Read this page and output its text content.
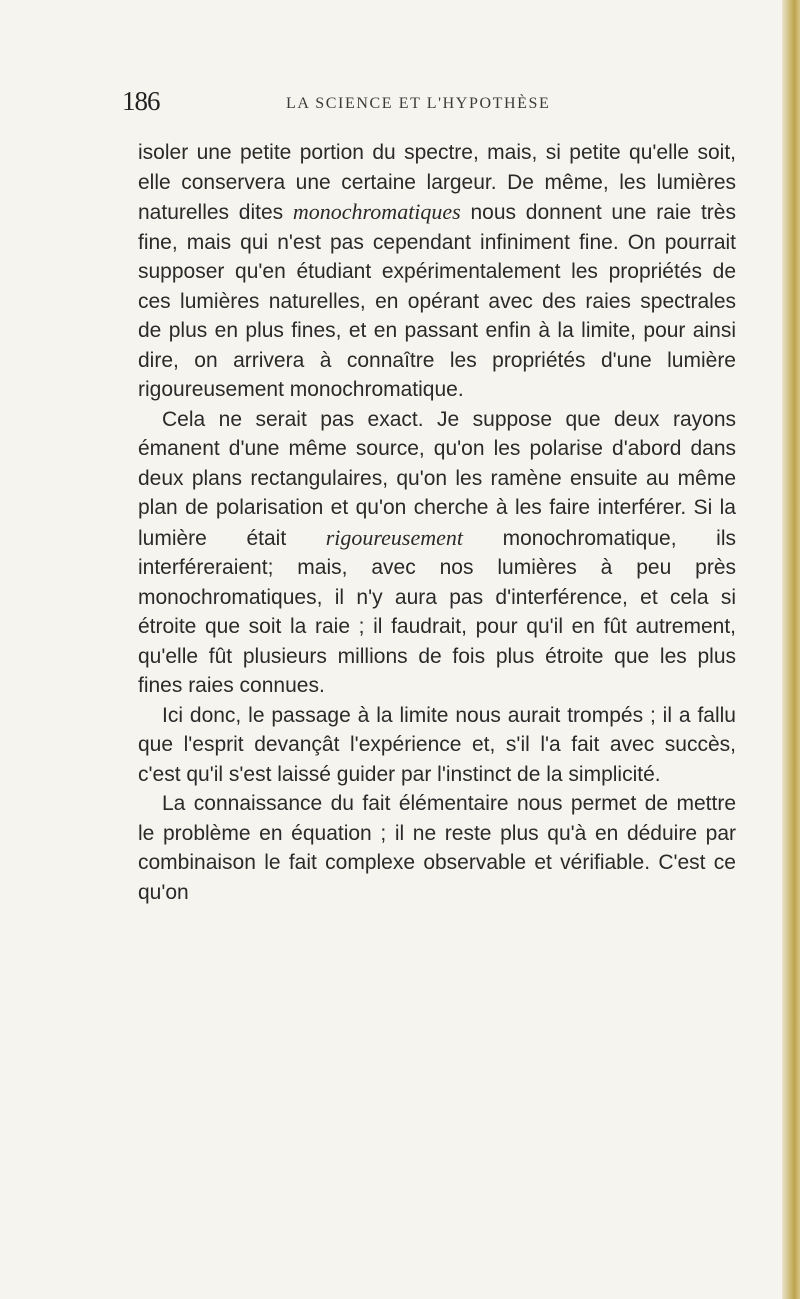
186	LA SCIENCE ET L'HYPOTHÈSE

isoler une petite portion du spectre, mais, si petite qu'elle soit, elle conservera une certaine largeur. De même, les lumières naturelles dites monochromatiques nous donnent une raie très fine, mais qui n'est pas cependant infiniment fine. On pourrait supposer qu'en étudiant expérimentalement les propriétés de ces lumières naturelles, en opérant avec des raies spectrales de plus en plus fines, et en passant enfin à la limite, pour ainsi dire, on arrivera à connaître les propriétés d'une lumière rigoureusement monochromatique.

Cela ne serait pas exact. Je suppose que deux rayons émanent d'une même source, qu'on les polarise d'abord dans deux plans rectangulaires, qu'on les ramène ensuite au même plan de polarisation et qu'on cherche à les faire interférer. Si la lumière était rigoureusement monochromatique, ils interféreraient; mais, avec nos lumières à peu près monochromatiques, il n'y aura pas d'interférence, et cela si étroite que soit la raie ; il faudrait, pour qu'il en fût autrement, qu'elle fût plusieurs millions de fois plus étroite que les plus fines raies connues.

Ici donc, le passage à la limite nous aurait trompés ; il a fallu que l'esprit devançât l'expérience et, s'il l'a fait avec succès, c'est qu'il s'est laissé guider par l'instinct de la simplicité.

La connaissance du fait élémentaire nous permet de mettre le problème en équation ; il ne reste plus qu'à en déduire par combinaison le fait complexe observable et vérifiable. C'est ce qu'on
